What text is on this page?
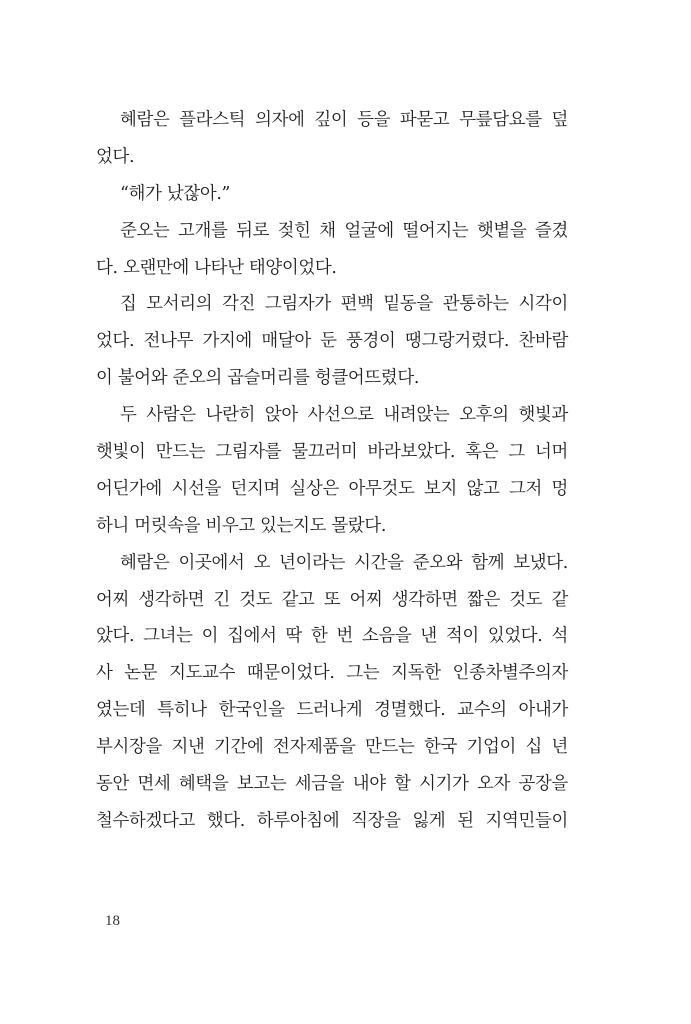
혜람은 플라스틱 의자에 깊이 등을 파묻고 무릎담요를 덮
었다.
“해가 났잖아.”
준오는 고개를 뒤로 젖힌 채 얼굴에 떨어지는 햇볕을 즐겼
다. 오랜만에 나타난 태양이었다.
집 모서리의 각진 그림자가 편백 밑동을 관통하는 시각이
었다. 전나무 가지에 매달아 둔 풍경이 땡그랑거렸다. 찬바람
이 불어와 준오의 곱슬머리를 헝클어뜨렸다.
두 사람은 나란히 앉아 사선으로 내려앉는 오후의 햇빛과
햇빛이 만드는 그림자를 물끄러미 바라보았다. 혹은 그 너머
어딘가에 시선을 던지며 실상은 아무것도 보지 않고 그저 멍
하니 머릿속을 비우고 있는지도 몰랐다.
혜람은 이곳에서 오 년이라는 시간을 준오와 함께 보냈다.
어찌 생각하면 긴 것도 같고 또 어찌 생각하면 짧은 것도 같
았다. 그녀는 이 집에서 딱 한 번 소음을 낸 적이 있었다. 석
사 논문 지도교수 때문이었다. 그는 지독한 인종차별주의자
였는데 특히나 한국인을 드러나게 경멸했다. 교수의 아내가
부시장을 지낸 기간에 전자제품을 만드는 한국 기업이 십 년
동안 면세 혜택을 보고는 세금을 내야 할 시기가 오자 공장을
철수하겠다고 했다. 하루아침에 직장을 잃게 된 지역민들이
18
